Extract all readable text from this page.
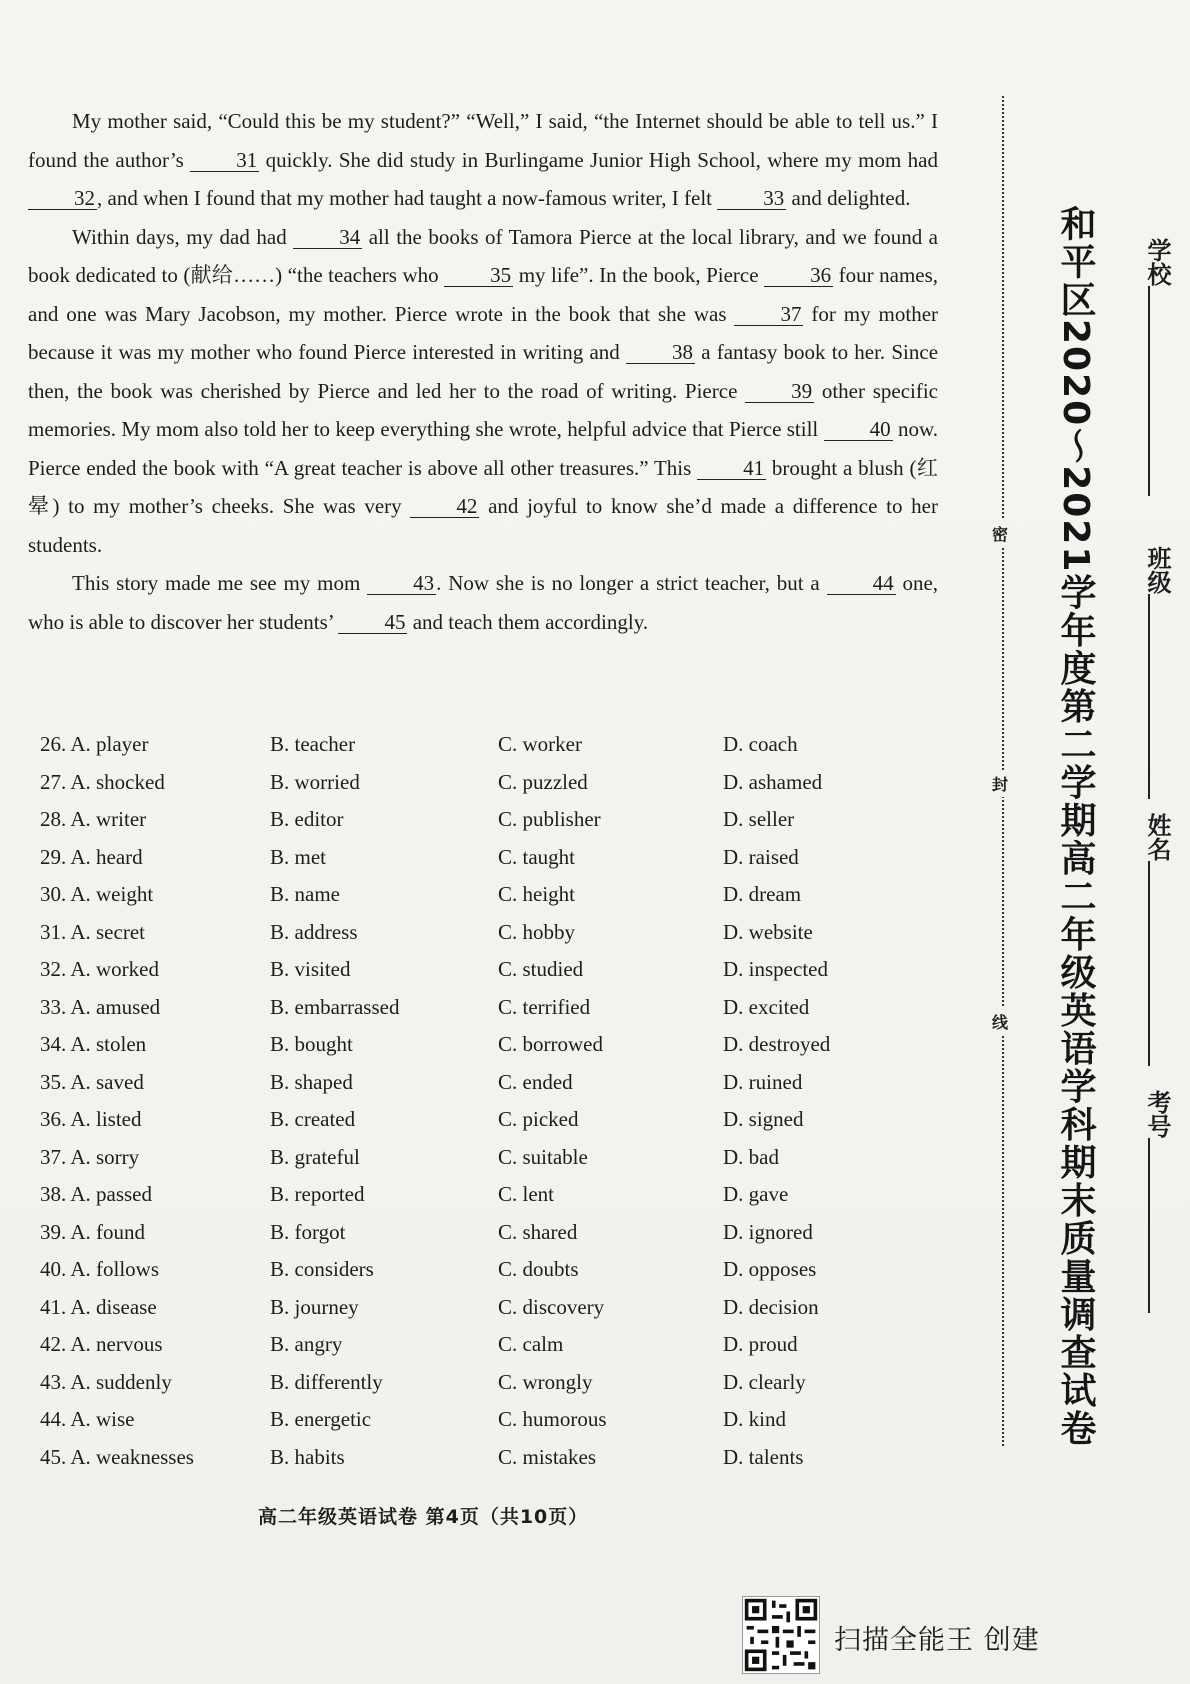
My mother said, “Could this be my student?” “Well,” I said, “the Internet should be able to tell us.” I found the author’s 31 quickly. She did study in Burlingame Junior High School, where my mom had 32, and when I found that my mother had taught a now-famous writer, I felt 33 and delighted.

Within days, my dad had	34 all the books of Tamora Pierce at the local library, and we found a book dedicated to (献给……) “the teachers who 35 my life”. In the book, Pierce 36 four names, and one was Mary Jacobson, my mother. Pierce wrote in the book that she was	37 for my mother because it was my mother who found Pierce interested in writing and 38 a fantasy book to her. Since then, the book was cherished by Pierce and led her to the road of writing. Pierce	39 other specific memories. My mom also told her to keep everything she wrote, helpful advice that Pierce still 40 now. Pierce ended the book with “A great teacher is above all other treasures.” This 41 brought a blush (红晕) to my mother’s cheeks. She was very	42 and joyful to know she’d made a difference to her students.

This story made me see my mom	43. Now she is no longer a strict teacher, but a	44 one, who is able to discover her students’ 45 and teach them accordingly.

26. A. player	B. teacher	C. worker	D. coach
27. A. shocked	B. worried	C. puzzled	D. ashamed
28. A. writer	B. editor	C. publisher	D. seller
29. A. heard	B. met	C. taught	D. raised
30. A. weight	B. name	C. height	D. dream
31. A. secret	B. address	C. hobby	D. website
32. A. worked	B. visited	C. studied	D. inspected
33. A. amused	B. embarrassed	C. terrified	D. excited
34. A. stolen	B. bought	C. borrowed	D. destroyed
35. A. saved	B. shaped	C. ended	D. ruined
36. A. listed	B. created	C. picked	D. signed
37. A. sorry	B. grateful	C. suitable	D. bad
38. A. passed	B. reported	C. lent	D. gave
39. A. found	B. forgot	C. shared	D. ignored
40. A. follows	B. considers	C. doubts	D. opposes
41. A. disease	B. journey	C. discovery	D. decision
42. A. nervous	B. angry	C. calm	D. proud
43. A. suddenly	B. differently	C. wrongly	D. clearly
44. A. wise	B. energetic	C. humorous	D. kind
45. A. weaknesses	B. habits	C. mistakes	D. talents
高二年级英语试卷 第4页（共10页）
密
封
线 和平区2020～2021学年度第二学期高二年级英语学科期末质量调查试卷 学校
班级
姓名
考号
扫描全能王 创建
